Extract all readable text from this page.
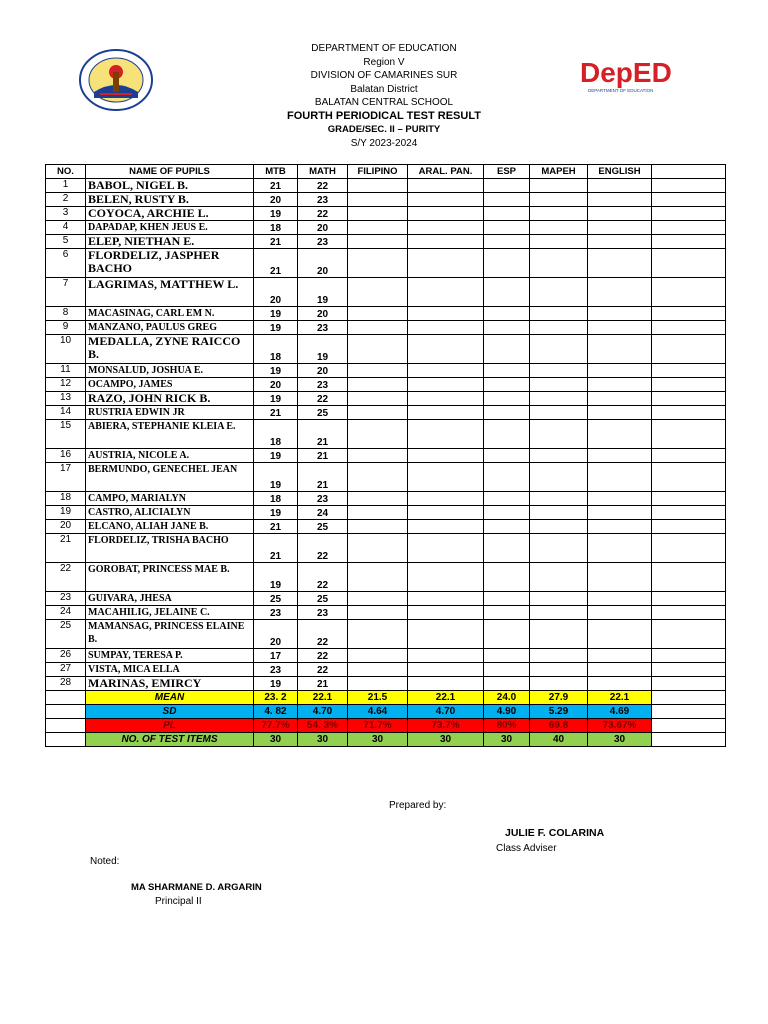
DEPARTMENT OF EDUCATION
Region V
DIVISION OF CAMARINES SUR
Balatan District
BALATAN CENTRAL SCHOOL
FOURTH PERIODICAL TEST RESULT
GRADE/SEC. II – PURITY
S/Y 2023-2024
DepED
DEPARTMENT OF EDUCATION
NO.	NAME OF PUPILS	MTB	MATH	FILIPINO	ARAL. PAN.	ESP	MAPEH	ENGLISH	
1	BABOL, NIGEL B.	21	22						
2	BELEN, RUSTY B.	20	23						
3	COYOCA, ARCHIE L.	19	22						
4	DAPADAP, KHEN JEUS E.	18	20						
5	ELEP, NIETHAN E.	21	23						
6	FLORDELIZ, JASPHER BACHO	21	20						
7	LAGRIMAS, MATTHEW L.	20	19						
8	MACASINAG, CARL EM N.	19	20						
9	MANZANO, PAULUS GREG	19	23						
10	MEDALLA, ZYNE RAICCO B.	18	19						
11	MONSALUD, JOSHUA E.	19	20						
12	OCAMPO, JAMES	20	23						
13	RAZO, JOHN RICK B.	19	22						
14	RUSTRIA EDWIN JR	21	25						
15	ABIERA, STEPHANIE KLEIA E.	18	21						
16	AUSTRIA, NICOLE A.	19	21						
17	BERMUNDO, GENECHEL JEAN	19	21						
18	CAMPO, MARIALYN	18	23						
19	CASTRO, ALICIALYN	19	24						
20	ELCANO, ALIAH JANE B.	21	25						
21	FLORDELIZ, TRISHA BACHO	21	22						
22	GOROBAT, PRINCESS MAE B.	19	22						
23	GUIVARA, JHESA	25	25						
24	MACAHILIG, JELAINE C.	23	23						
25	MAMANSAG, PRINCESS ELAINE B.	20	22						
26	SUMPAY, TERESA P.	17	22						
27	VISTA, MICA ELLA	23	22						
28	MARINAS, EMIRCY	19	21						
	MEAN	23. 2	22.1	21.5	22.1	24.0	27.9	22.1	
	SD	4. 82	4.70	4.64	4.70	4.90	5.29	4.69	
	PL	77.7%	54. 3%	71.7%	73.7%	80%	69.8	73.67%	
	NO. OF TEST ITEMS	30	30	30	30	30	40	30	
Prepared by:
JULIE F. COLARINA
Class Adviser
Noted:
MA SHARMANE D. ARGARIN
Principal II
